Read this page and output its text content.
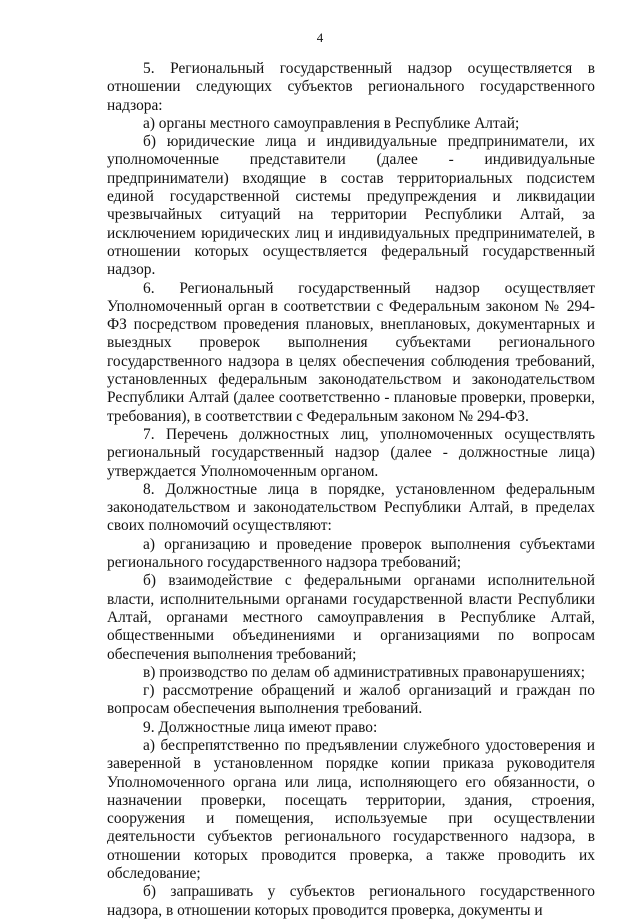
4

5. Региональный государственный надзор осуществляется в отношении следующих субъектов регионального государственного надзора:

а) органы местного самоуправления в Республике Алтай;

б) юридические лица и индивидуальные предприниматели, их уполномоченные представители (далее - индивидуальные предприниматели) входящие в состав территориальных подсистем единой государственной системы предупреждения и ликвидации чрезвычайных ситуаций на территории Республики Алтай, за исключением юридических лиц и индивидуальных предпринимателей, в отношении которых осуществляется федеральный государственный надзор.

6. Региональный государственный надзор осуществляет Уполномоченный орган в соответствии с Федеральным законом № 294-ФЗ посредством проведения плановых, внеплановых, документарных и выездных проверок выполнения субъектами регионального государственного надзора в целях обеспечения соблюдения требований, установленных федеральным законодательством и законодательством Республики Алтай (далее соответственно - плановые проверки, проверки, требования), в соответствии с Федеральным законом № 294-ФЗ.

7. Перечень должностных лиц, уполномоченных осуществлять региональный государственный надзор (далее - должностные лица) утверждается Уполномоченным органом.

8. Должностные лица в порядке, установленном федеральным законодательством и законодательством Республики Алтай, в пределах своих полномочий осуществляют:

а) организацию и проведение проверок выполнения субъектами регионального государственного надзора требований;

б) взаимодействие с федеральными органами исполнительной власти, исполнительными органами государственной власти Республики Алтай, органами местного самоуправления в Республике Алтай, общественными объединениями и организациями по вопросам обеспечения выполнения требований;

в) производство по делам об административных правонарушениях;

г) рассмотрение обращений и жалоб организаций и граждан по вопросам обеспечения выполнения требований.

9. Должностные лица имеют право:

а) беспрепятственно по предъявлении служебного удостоверения и заверенной в установленном порядке копии приказа руководителя Уполномоченного органа или лица, исполняющего его обязанности, о назначении проверки, посещать территории, здания, строения, сооружения и помещения, используемые при осуществлении деятельности субъектов регионального государственного надзора, в отношении которых проводится проверка, а также проводить их обследование;

б) запрашивать у субъектов регионального государственного надзора, в отношении которых проводится проверка, документы и
